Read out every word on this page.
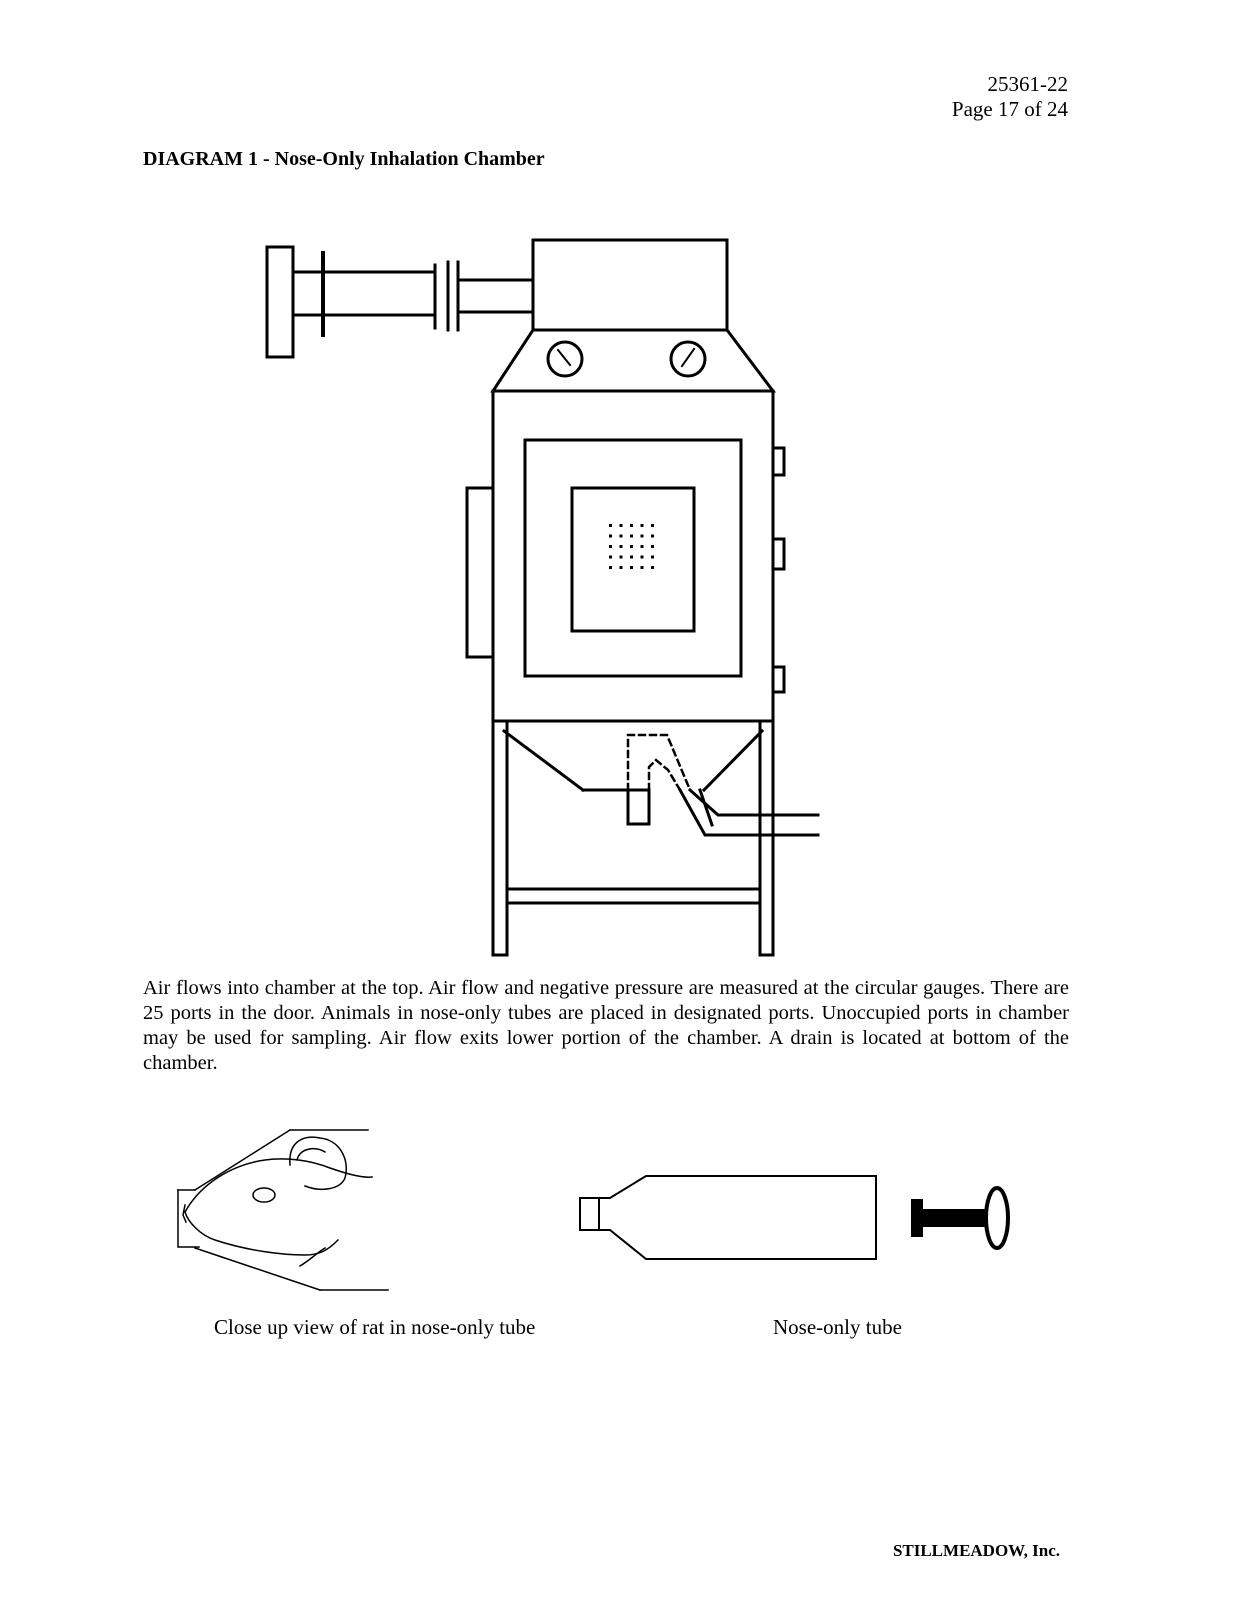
25361-22
Page 17 of 24
DIAGRAM 1 - Nose-Only Inhalation Chamber
Air flows into chamber at the top. Air flow and negative pressure are measured at the circular gauges. There are 25 ports in the door. Animals in nose-only tubes are placed in designated ports. Unoccupied ports in chamber may be used for sampling. Air flow exits lower portion of the chamber. A drain is located at bottom of the chamber.
Close up view of rat in nose-only tube	Nose-only tube
STILLMEADOW, Inc.
